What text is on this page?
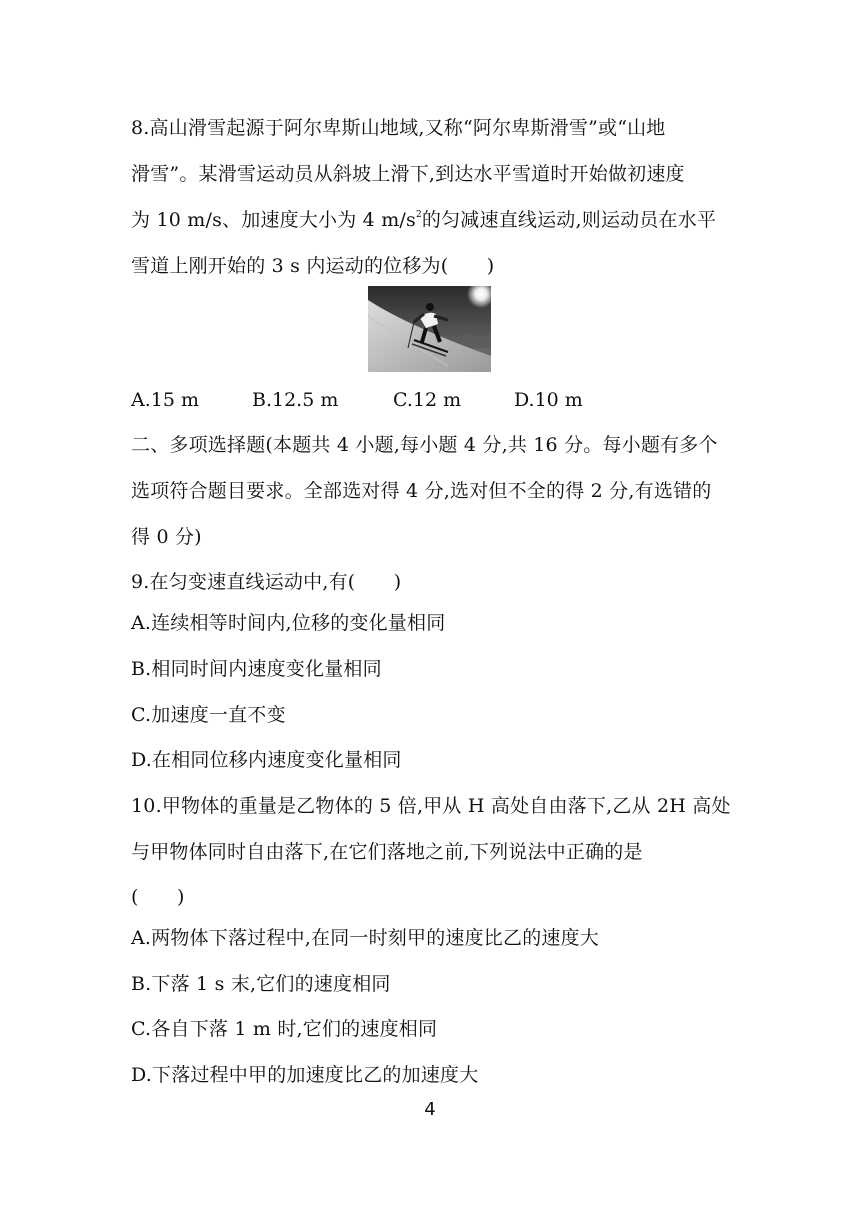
8.高山滑雪起源于阿尔卑斯山地域,又称“阿尔卑斯滑雪”或“山地
滑雪”。某滑雪运动员从斜坡上滑下,到达水平雪道时开始做初速度
为 10 m/s、加速度大小为 4 $m/s^2$的匀减速直线运动,则运动员在水平
雪道上刚开始的 3 s 内运动的位移为(　　)
A.15 m	B.12.5 m	C.12 m	D.10 m
二、多项选择题(本题共 4 小题,每小题 4 分,共 16 分。每小题有多个
选项符合题目要求。全部选对得 4 分,选对但不全的得 2 分,有选错的
得 0 分)
9.在匀变速直线运动中,有(　　)
A.连续相等时间内,位移的变化量相同
B.相同时间内速度变化量相同
C.加速度一直不变
D.在相同位移内速度变化量相同
10.甲物体的重量是乙物体的 5 倍,甲从 H 高处自由落下,乙从 2H 高处
与甲物体同时自由落下,在它们落地之前,下列说法中正确的是
(　　)
A.两物体下落过程中,在同一时刻甲的速度比乙的速度大
B.下落 1 s 末,它们的速度相同
C.各自下落 1 m 时,它们的速度相同
D.下落过程中甲的加速度比乙的加速度大
4
